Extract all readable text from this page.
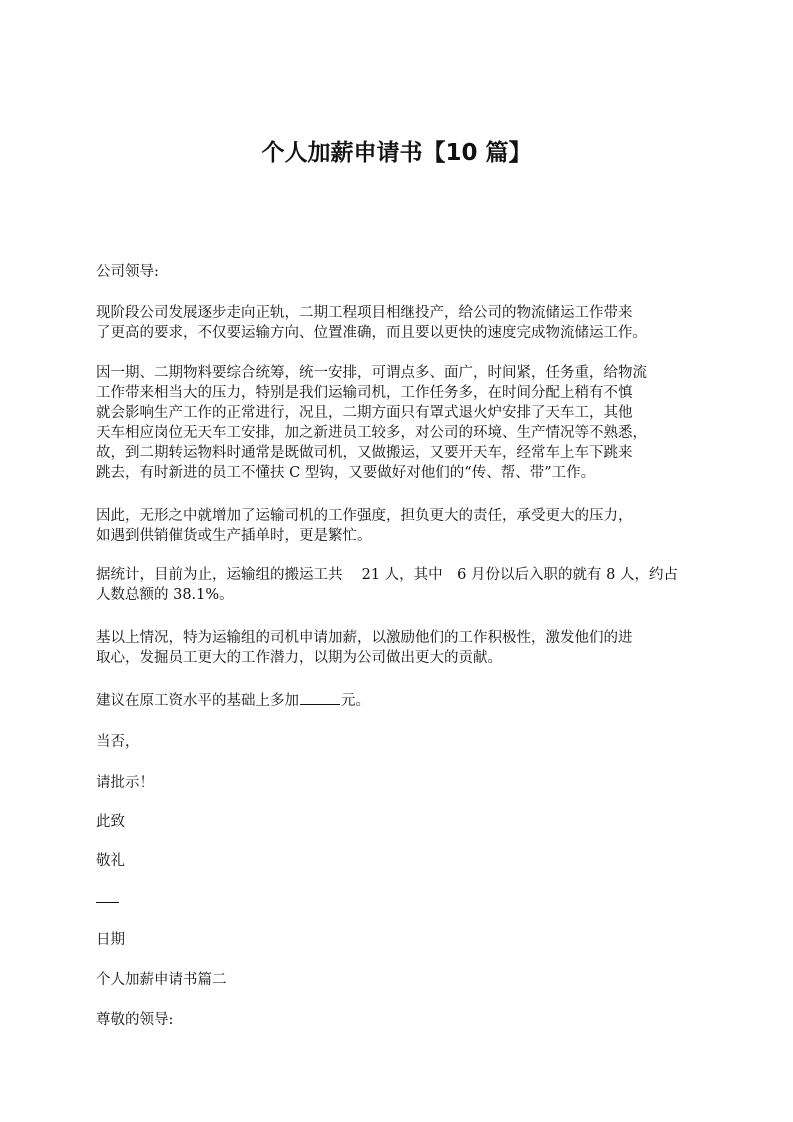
个人加薪申请书【10 篇】

公司领导:

现阶段公司发展逐步走向正轨，二期工程项目相继投产，给公司的物流储运工作带来
了更高的要求，不仅要运输方向、位置准确，而且要以更快的速度完成物流储运工作。

因一期、二期物料要综合统筹，统一安排，可谓点多、面广，时间紧，任务重，给物流
工作带来相当大的压力，特别是我们运输司机，工作任务多，在时间分配上稍有不慎
就会影响生产工作的正常进行，况且，二期方面只有罩式退火炉安排了天车工，其他
天车相应岗位无天车工安排，加之新进员工较多，对公司的环境、生产情况等不熟悉，
故，到二期转运物料时通常是既做司机，又做搬运，又要开天车，经常车上车下跳来
跳去，有时新进的员工不懂扶 C 型钩，又要做好对他们的“传、帮、带”工作。

因此，无形之中就增加了运输司机的工作强度，担负更大的责任，承受更大的压力，
如遇到供销催货或生产插单时，更是繁忙。

据统计，目前为止，运输组的搬运工共　 21 人，其中　6 月份以后入职的就有 8 人，约占
人数总额的 38.1%。

基以上情况，特为运输组的司机申请加薪，以激励他们的工作积极性，激发他们的进
取心，发掘员工更大的工作潜力，以期为公司做出更大的贡献。

建议在原工资水平的基础上多加	元。

当否，

请批示！

此致

敬礼

日期

个人加薪申请书篇二

尊敬的领导:
